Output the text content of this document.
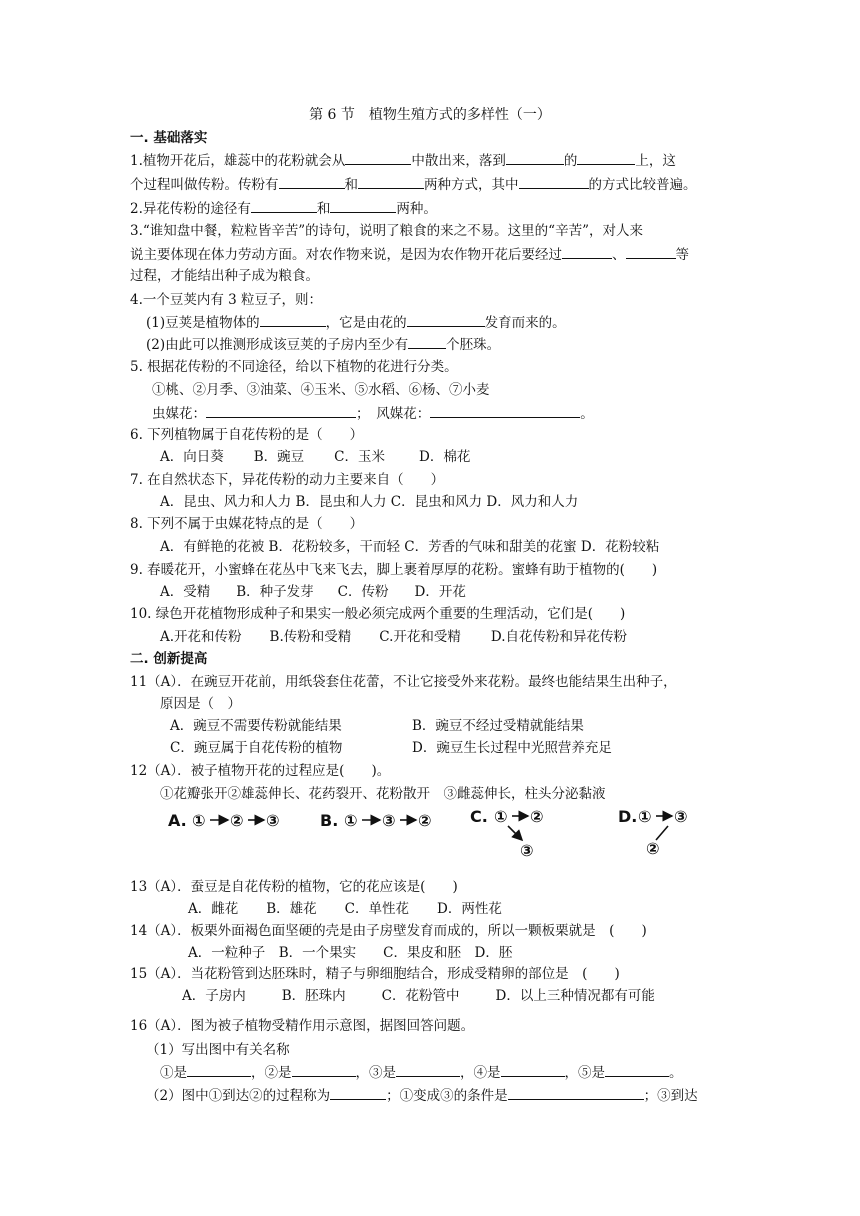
第 6 节　植物生殖方式的多样性（一）
一. 基础落实
1.植物开花后，雄蕊中的花粉就会从	中散出来，落到	的	上，这
个过程叫做传粉。传粉有	和	两种方式，其中	的方式比较普遍。
2.异花传粉的途径有	和	两种。
3.“谁知盘中餐，粒粒皆辛苦”的诗句，说明了粮食的来之不易。这里的“辛苦”，对人来
说主要体现在体力劳动方面。对农作物来说，是因为农作物开花后要经过	、	等
过程，才能结出种子成为粮食。
4.一个豆荚内有 3 粒豆子，则：
(1)豆荚是植物体的	，它是由花的	发育而来的。
(2)由此可以推测形成该豆荚的子房内至少有	个胚珠。
5. 根据花传粉的不同途径，给以下植物的花进行分类。
①桃、②月季、③油菜、④玉米、⑤水稻、⑥杨、⑦小麦
虫媒花：	；　风媒花：	。
6. 下列植物属于自花传粉的是（　　）
A．向日葵 B．豌豆 C．玉米	D．棉花
7. 在自然状态下，异花传粉的动力主要来自（　　）
A．昆虫、风力和人力 B．昆虫和人力 C．昆虫和风力 D．风力和人力
8. 下列不属于虫媒花特点的是（　　）
A．有鲜艳的花被 B．花粉较多，干而轻 C．芳香的气味和甜美的花蜜 D．花粉较粘
9. 春暖花开，小蜜蜂在花丛中飞来飞去，脚上裹着厚厚的花粉。蜜蜂有助于植物的(　　)
A．受精 B．种子发芽 C．传粉 D．开花
10. 绿色开花植物形成种子和果实一般必须完成两个重要的生理活动，它们是(　　)
A.开花和传粉 B.传粉和受精 C.开花和受精 D.自花传粉和异花传粉
二. 创新提高
11（A）．在豌豆开花前，用纸袋套住花蕾，不让它接受外来花粉。最终也能结果生出种子，
原因是（　）
A．豌豆不需要传粉就能结果	B．豌豆不经过受精就能结果
C．豌豆属于自花传粉的植物	D．豌豆生长过程中光照营养充足
12（A）．被子植物开花的过程应是(　　)。
①花瓣张开②雄蕊伸长、花药裂开、花粉散开　③雌蕊伸长，柱头分泌黏液
A. ① ② ③	B. ① ③ ② C. ① ②
③
D. ① ③
②
13（A）．蚕豆是自花传粉的植物，它的花应该是(　　)
A．雌花 B．雄花 C．单性花 D．两性花
14（A）．板栗外面褐色面坚硬的壳是由子房壁发育而成的，所以一颗板栗就是　(　　)
A．一粒种子　B．一个果实　　C．果皮和胚　D．胚
15（A）．当花粉管到达胚珠时，精子与卵细胞结合，形成受精卵的部位是　(　　)
A．子房内	B．胚珠内	C．花粉管中	D．以上三种情况都有可能
16（A）．图为被子植物受精作用示意图，据图回答问题。
（1）写出图中有关名称
①是	，②是	，③是	，④是	，⑤是	。
（2）图中①到达②的过程称为	；①变成③的条件是	；③到达
